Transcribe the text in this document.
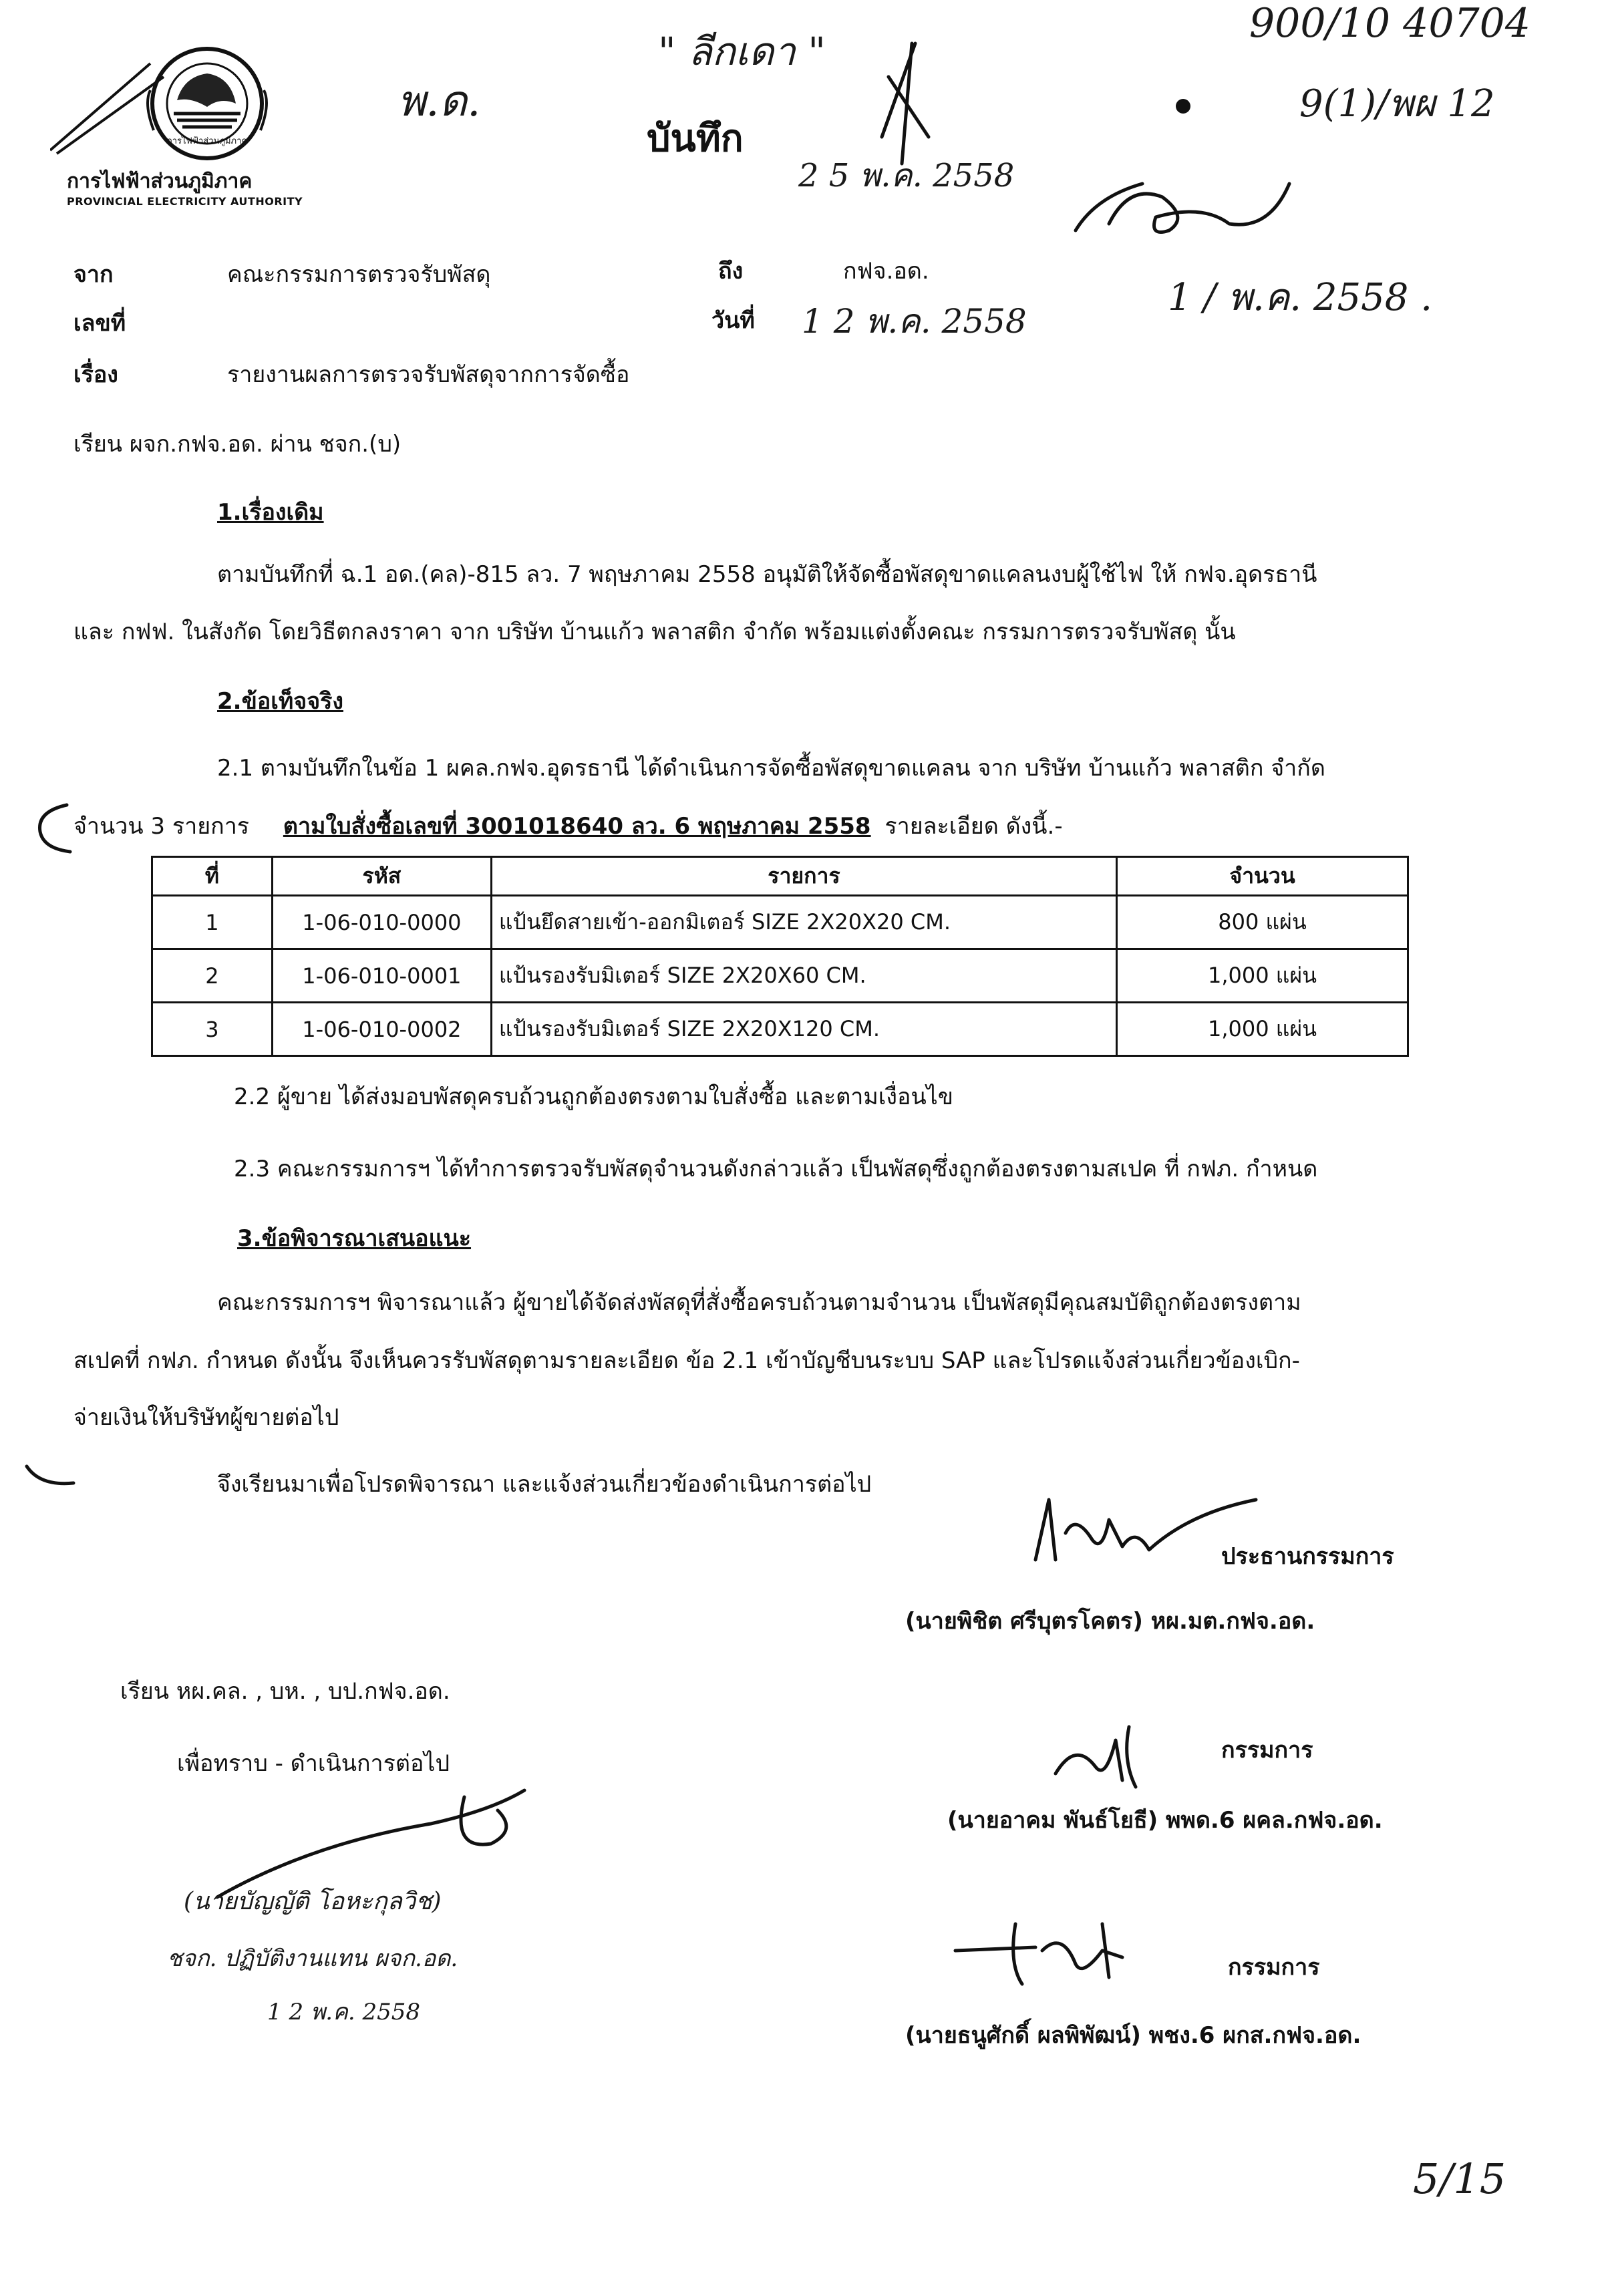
การไฟฟ้าส่วนภูมิภาค
การไฟฟ้าส่วนภูมิภาค
PROVINCIAL ELECTRICITY AUTHORITY
บันทึก
" ลีกเดา "
พ.ด.
2 5 พ.ค. 2558
900/10 40704
9(1)/พผ 12
1 / พ.ค. 2558 .
5/15
จาก	คณะกรรมการตรวจรับพัสดุ	ถึง	กฟจ.อด.
เลขที่	วันที่ 1 2 พ.ค. 2558
เรื่อง	รายงานผลการตรวจรับพัสดุจากการจัดซื้อ
เรียน ผจก.กฟจ.อด. ผ่าน ชจก.(บ)
1.เรื่องเดิม
ตามบันทึกที่ ฉ.1 อด.(คล)-815 ลว. 7 พฤษภาคม 2558 อนุมัติให้จัดซื้อพัสดุขาดแคลนงบผู้ใช้ไฟ ให้ กฟจ.อุดรธานี
และ กฟฟ. ในสังกัด โดยวิธีตกลงราคา จาก บริษัท บ้านแก้ว พลาสติก จำกัด พร้อมแต่งตั้งคณะ กรรมการตรวจรับพัสดุ นั้น
2.ข้อเท็จจริง
2.1 ตามบันทึกในข้อ 1 ผคล.กฟจ.อุดรธานี ได้ดำเนินการจัดซื้อพัสดุขาดแคลน จาก บริษัท บ้านแก้ว พลาสติก จำกัด
จำนวน 3 รายการ ตามใบสั่งซื้อเลขที่ 3001018640 ลว. 6 พฤษภาคม 2558 รายละเอียด ดังนี้.-
ที่	รหัส	รายการ	จำนวน
1	1-06-010-0000	แป้นยึดสายเข้า-ออกมิเตอร์ SIZE 2X20X20 CM.	800 แผ่น
2	1-06-010-0001	แป้นรองรับมิเตอร์ SIZE 2X20X60 CM.	1,000 แผ่น
3	1-06-010-0002	แป้นรองรับมิเตอร์ SIZE 2X20X120 CM.	1,000 แผ่น
2.2 ผู้ขาย ได้ส่งมอบพัสดุครบถ้วนถูกต้องตรงตามใบสั่งซื้อ และตามเงื่อนไข
2.3 คณะกรรมการฯ ได้ทำการตรวจรับพัสดุจำนวนดังกล่าวแล้ว เป็นพัสดุซึ่งถูกต้องตรงตามสเปค ที่ กฟภ. กำหนด
3.ข้อพิจารณาเสนอแนะ
คณะกรรมการฯ พิจารณาแล้ว ผู้ขายได้จัดส่งพัสดุที่สั่งซื้อครบถ้วนตามจำนวน เป็นพัสดุมีคุณสมบัติถูกต้องตรงตาม
สเปคที่ กฟภ. กำหนด ดังนั้น จึงเห็นควรรับพัสดุตามรายละเอียด ข้อ 2.1 เข้าบัญชีบนระบบ SAP และโปรดแจ้งส่วนเกี่ยวข้องเบิก-
จ่ายเงินให้บริษัทผู้ขายต่อไป
จึงเรียนมาเพื่อโปรดพิจารณา และแจ้งส่วนเกี่ยวข้องดำเนินการต่อไป
ประธานกรรมการ
(นายพิชิต ศรีบุตรโคตร) หผ.มต.กฟจ.อด.
กรรมการ
(นายอาคม พันธ์โยธี) พพด.6 ผคล.กฟจ.อด.
กรรมการ
(นายธนูศักดิ์ ผลพิพัฒน์) พชง.6 ผกส.กฟจ.อด.
เรียน หผ.คล. , บห. , บป.กฟจ.อด.
เพื่อทราบ - ดำเนินการต่อไป
(นายบัญญัติ โอหะกุลวิช)
ชจก. ปฏิบัติงานแทน ผจก.อด.
1 2 พ.ค. 2558
